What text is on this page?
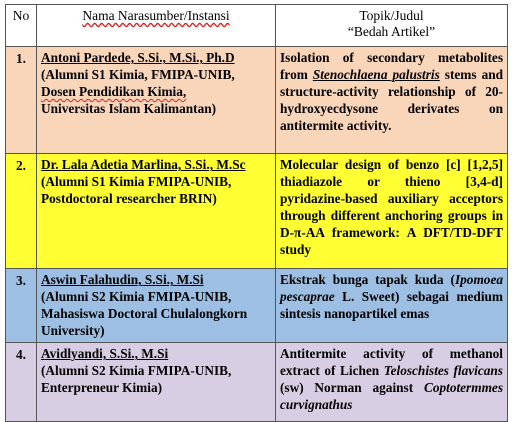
No	Nama Narasumber/Instansi	Topik/Judul
“Bedah Artikel”

1.	Antoni Pardede, S.Si., M.Si., Ph.D
(Alumni S1 Kimia, FMIPA-UNIB,
Dosen Pendidikan Kimia,
Universitas Islam Kalimantan)	Isolation of secondary metabolites from Stenochlaena palustris stems and structure-activity relationship of 20-hydroxyecdysone derivates on antitermite activity.
2.	Dr. Lala Adetia Marlina, S.Si., M.Sc
(Alumni S1 Kimia FMIPA-UNIB,
Postdoctoral researcher BRIN)	Molecular design of benzo [c] [1,2,5] thiadiazole or thieno [3,4-d] pyridazine-based auxiliary acceptors through different anchoring groups in D-π-AA framework: A DFT/TD-DFT study
3.	Aswin Falahudin, S.Si., M.Si
(Alumni S2 Kimia FMIPA-UNIB,
Mahasiswa Doctoral Chulalongkorn
University)	Ekstrak bunga tapak kuda (Ipomoea pescaprae L. Sweet) sebagai medium sintesis nanopartikel emas
4.	Avidlyandi, S.Si., M.Si
(Alumni S2 Kimia FMIPA-UNIB,
Enterpreneur Kimia)	Antitermite activity of methanol extract of Lichen Teloschistes flavicans (sw) Norman against Coptotermmes curvignathus
